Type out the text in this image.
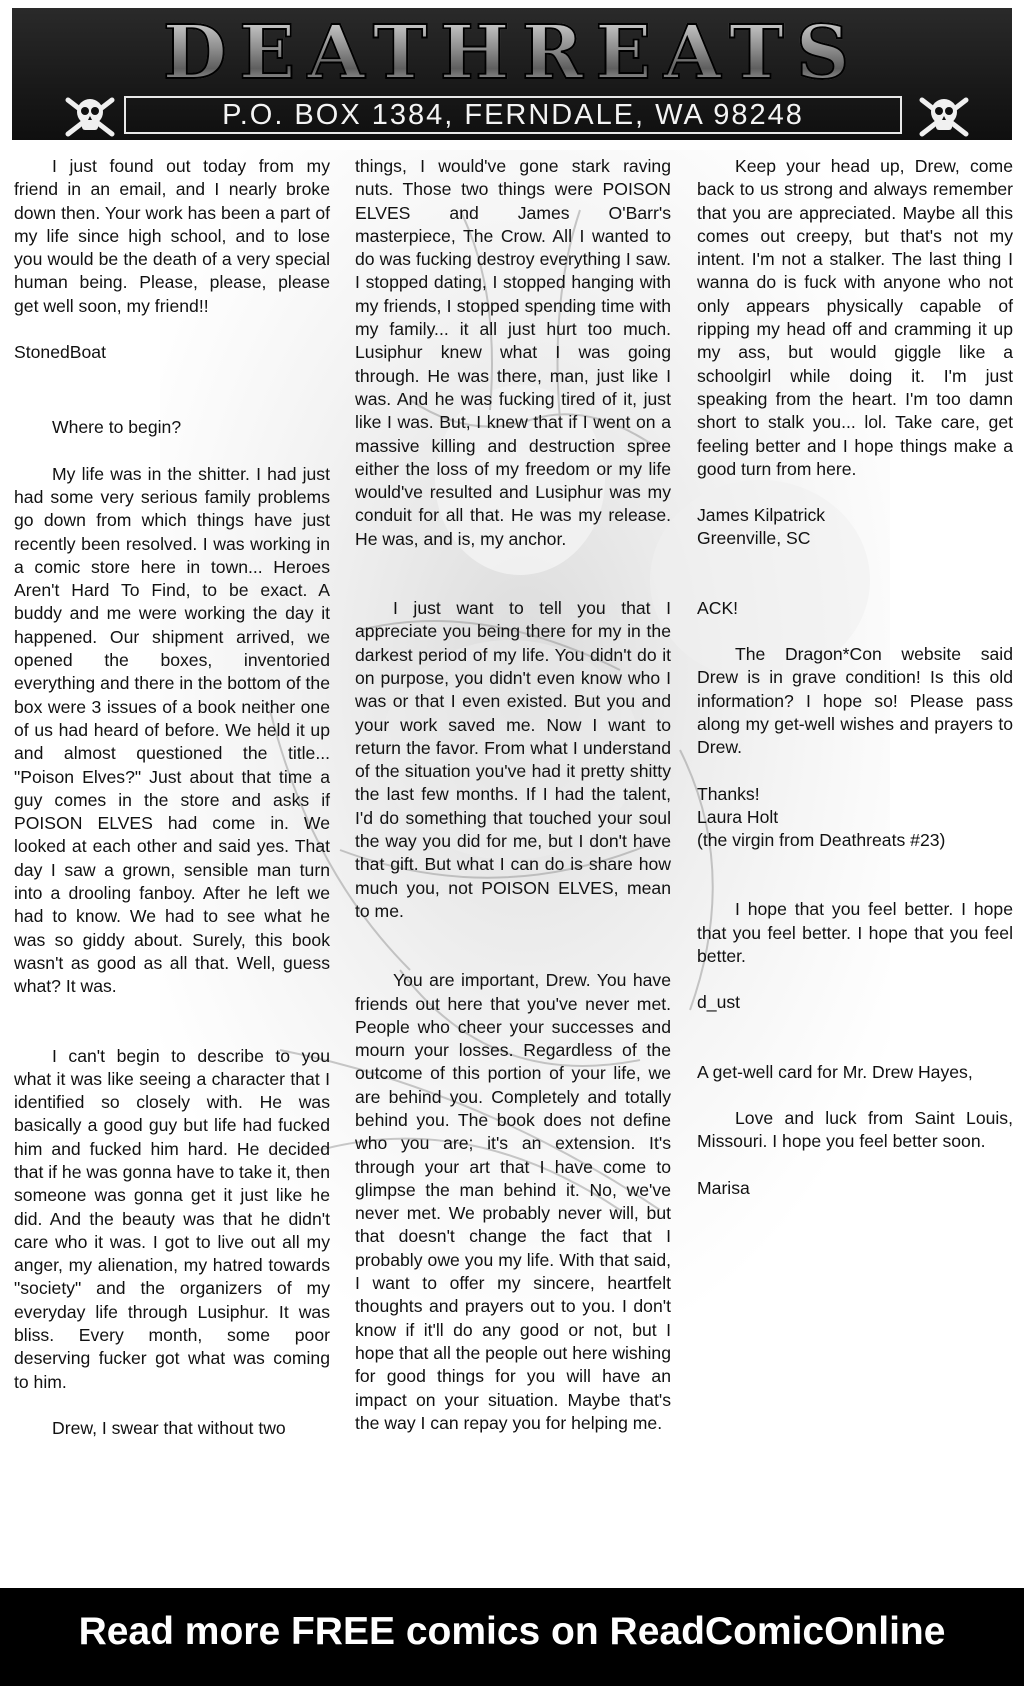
DEATHREATS
P.O. BOX 1384, FERNDALE, WA 98248

I just found out today from my friend in an email, and I nearly broke down then. Your work has been a part of my life since high school, and to lose you would be the death of a very special human being. Please, please, please get well soon, my friend!!

StonedBoat

Where to begin?

My life was in the shitter. I had just had some very serious family problems go down from which things have just recently been resolved. I was working in a comic store here in town... Heroes Aren't Hard To Find, to be exact. A buddy and me were working the day it happened. Our shipment arrived, we opened the boxes, inventoried everything and there in the bottom of the box were 3 issues of a book neither one of us had heard of before. We held it up and almost questioned the title... "Poison Elves?" Just about that time a guy comes in the store and asks if POISON ELVES had come in. We looked at each other and said yes. That day I saw a grown, sensible man turn into a drooling fanboy. After he left we had to know. We had to see what he was so giddy about. Surely, this book wasn't as good as all that. Well, guess what? It was.

I can't begin to describe to you what it was like seeing a character that I identified so closely with. He was basically a good guy but life had fucked him and fucked him hard. He decided that if he was gonna have to take it, then someone was gonna get it just like he did. And the beauty was that he didn't care who it was. I got to live out all my anger, my alienation, my hatred towards "society" and the organizers of my everyday life through Lusiphur. It was bliss. Every month, some poor deserving fucker got what was coming to him.

Drew, I swear that without two

things, I would've gone stark raving nuts. Those two things were POISON ELVES and James O'Barr's masterpiece, The Crow. All I wanted to do was fucking destroy everything I saw. I stopped dating, I stopped hanging with my friends, I stopped spending time with my family... it all just hurt too much. Lusiphur knew what I was going through. He was there, man, just like I was. And he was fucking tired of it, just like I was. But, I knew that if I went on a massive killing and destruction spree either the loss of my freedom or my life would've resulted and Lusiphur was my conduit for all that. He was my release. He was, and is, my anchor.

I just want to tell you that I appreciate you being there for my in the darkest period of my life. You didn't do it on purpose, you didn't even know who I was or that I even existed. But you and your work saved me. Now I want to return the favor. From what I understand of the situation you've had it pretty shitty the last few months. If I had the talent, I'd do something that touched your soul the way you did for me, but I don't have that gift. But what I can do is share how much you, not POISON ELVES, mean to me.

You are important, Drew. You have friends out here that you've never met. People who cheer your successes and mourn your losses. Regardless of the outcome of this portion of your life, we are behind you. Completely and totally behind you. The book does not define who you are; it's an extension. It's through your art that I have come to glimpse the man behind it. No, we've never met. We probably never will, but that doesn't change the fact that I probably owe you my life. With that said, I want to offer my sincere, heartfelt thoughts and prayers out to you. I don't know if it'll do any good or not, but I hope that all the people out here wishing for good things for you will have an impact on your situation. Maybe that's the way I can repay you for helping me.

Keep your head up, Drew, come back to us strong and always remember that you are appreciated. Maybe all this comes out creepy, but that's not my intent. I'm not a stalker. The last thing I wanna do is fuck with anyone who not only appears physically capable of ripping my head off and cramming it up my ass, but would giggle like a schoolgirl while doing it. I'm just speaking from the heart. I'm too damn short to stalk you... lol. Take care, get feeling better and I hope things make a good turn from here.

James Kilpatrick

Greenville, SC

ACK!

The Dragon*Con website said Drew is in grave condition! Is this old information? I hope so! Please pass along my get-well wishes and prayers to Drew.

Thanks!

Laura Holt

(the virgin from Deathreats #23)

I hope that you feel better. I hope that you feel better. I hope that you feel better.

d_ust

A get-well card for Mr. Drew Hayes,

Love and luck from Saint Louis, Missouri. I hope you feel better soon.

Marisa

Read more FREE comics on ReadComicOnline
